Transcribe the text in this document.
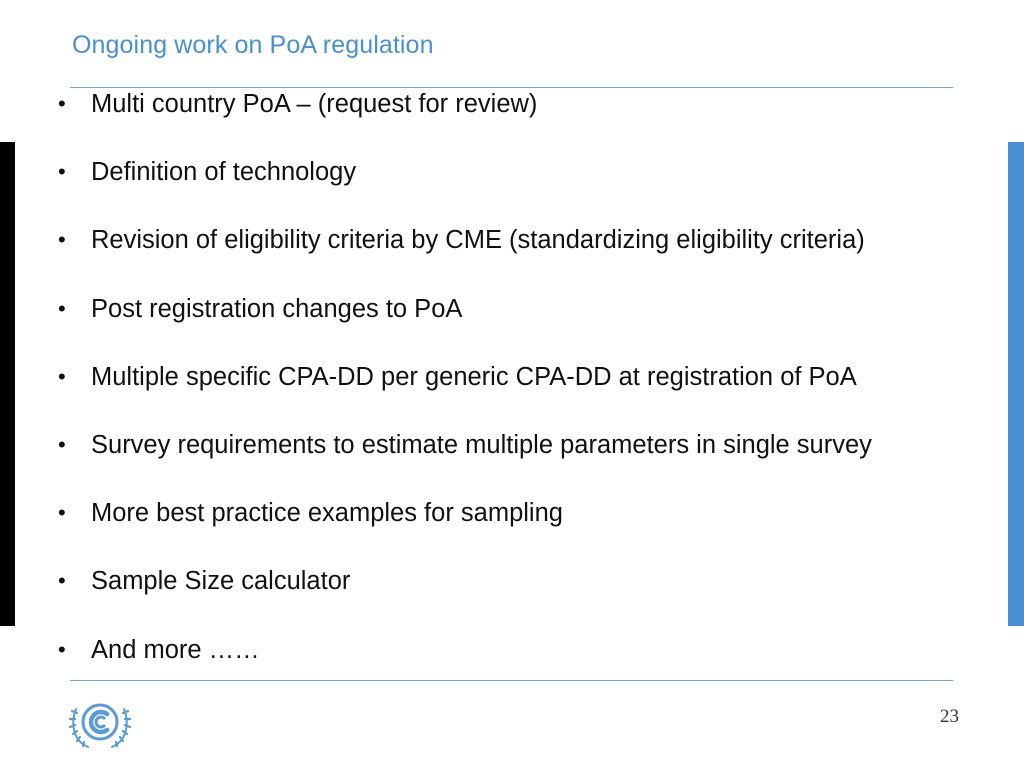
Ongoing work on PoA regulation
• Multi country PoA – (request for review)
• Definition of technology
• Revision of eligibility criteria by CME (standardizing eligibility criteria)
• Post registration changes to PoA
• Multiple specific CPA-DD per generic CPA-DD at registration of PoA
• Survey requirements to estimate multiple parameters in single survey
• More best practice examples for sampling
• Sample Size calculator
• And more ……
23
